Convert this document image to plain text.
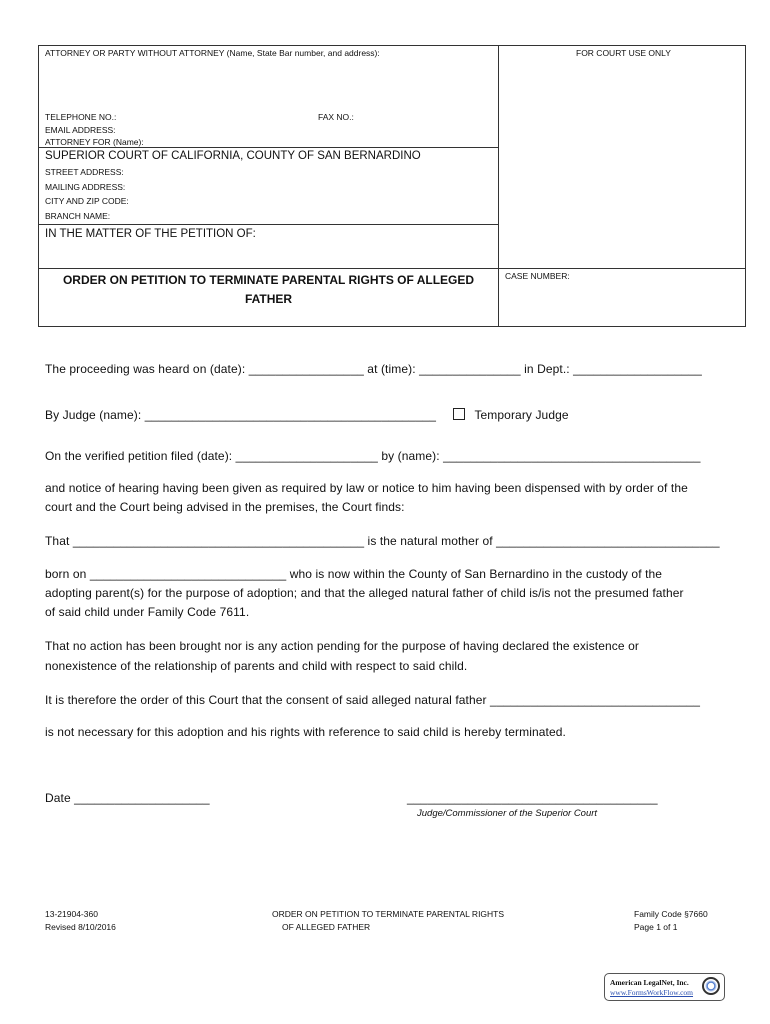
ATTORNEY OR PARTY WITHOUT ATTORNEY (Name, State Bar number, and address):	FOR COURT USE ONLY
TELEPHONE NO.:	FAX NO.:
EMAIL ADDRESS:
ATTORNEY FOR (Name):
SUPERIOR COURT OF CALIFORNIA, COUNTY OF SAN BERNARDINO
STREET ADDRESS:
MAILING ADDRESS:
CITY AND ZIP CODE:
BRANCH NAME:
IN THE MATTER OF THE PETITION OF:
ORDER ON PETITION TO TERMINATE PARENTAL RIGHTS OF ALLEGED
FATHER
CASE NUMBER:
The proceeding was heard on (date): _________________ at (time): _______________ in Dept.: ___________________
By Judge (name): ___________________________________________	Temporary Judge
On the verified petition filed (date): _____________________ by (name): ______________________________________
and notice of hearing having been given as required by law or notice to him having been dispensed with by order of the
court and the Court being advised in the premises, the Court finds:
That ___________________________________________ is the natural mother of _________________________________
born on _____________________________ who is now within the County of San Bernardino in the custody of the
adopting parent(s) for the purpose of adoption; and that the alleged natural father of child is/is not the presumed father
of said child under Family Code 7611.
That no action has been brought nor is any action pending for the purpose of having declared the existence or
nonexistence of the relationship of parents and child with respect to said child.
It is therefore the order of this Court that the consent of said alleged natural father _______________________________
is not necessary for this adoption and his rights with reference to said child is hereby terminated.
Date ____________________	_____________________________________
Judge/Commissioner of the Superior Court
13-21904-360
Revised 8/10/2016
ORDER ON PETITION TO TERMINATE PARENTAL RIGHTS
OF ALLEGED FATHER
Family Code §7660
Page 1 of 1
American LegalNet, Inc.
www.FormsWorkFlow.com
